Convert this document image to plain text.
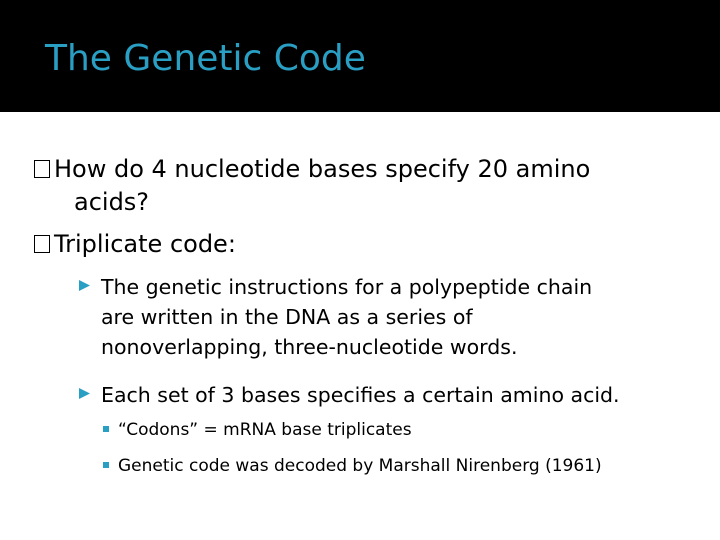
The Genetic Code
How do 4 nucleotide bases specify 20 amino
acids?
Triplicate code:
The genetic instructions for a polypeptide chain
are written in the DNA as a series of
nonoverlapping, three-nucleotide words.
Each set of 3 bases specifies a certain amino acid.
“Codons” = mRNA base triplicates
Genetic code was decoded by Marshall Nirenberg (1961)
